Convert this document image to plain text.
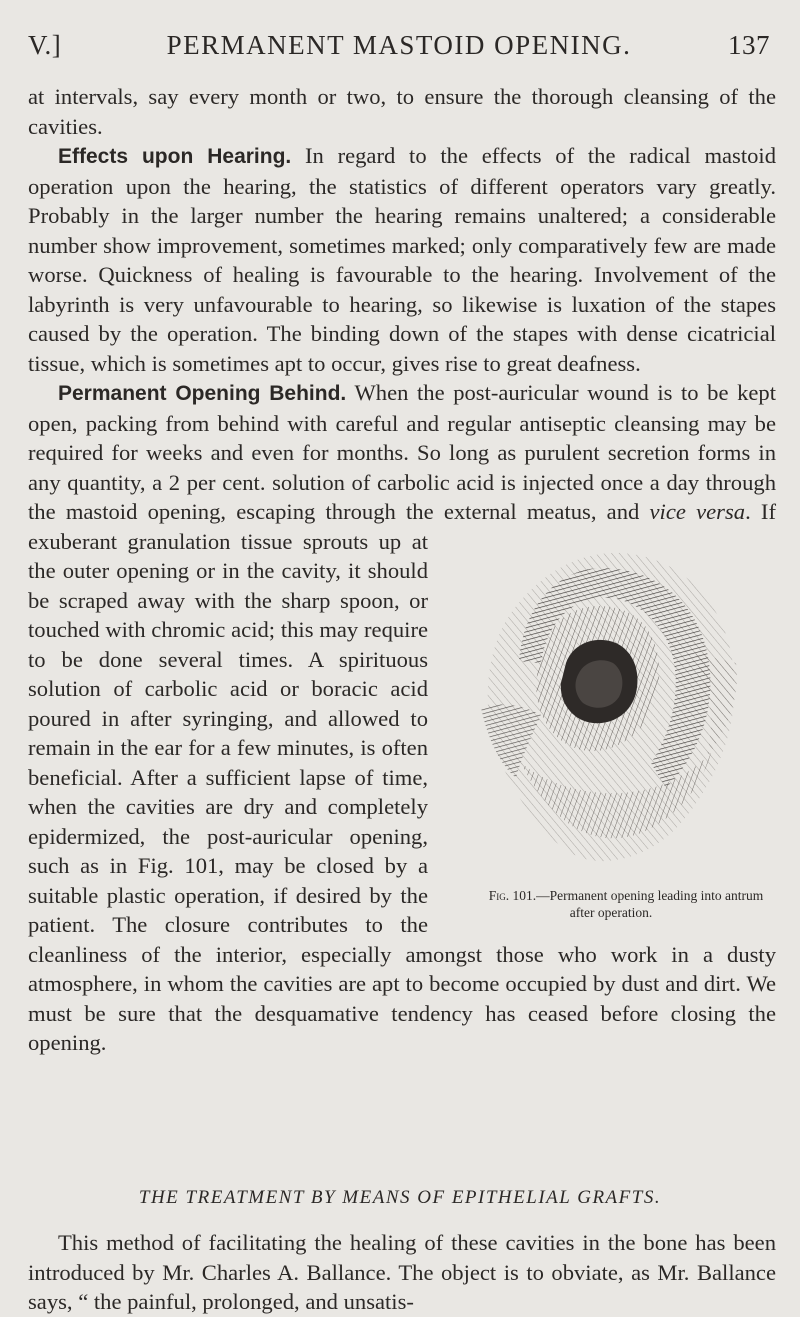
V.]	PERMANENT MASTOID OPENING.	137

at intervals, say every month or two, to ensure the thorough cleansing of the cavities.

Effects upon Hearing. In regard to the effects of the radical mastoid operation upon the hearing, the statistics of different operators vary greatly. Probably in the larger number the hearing remains unaltered; a considerable number show improvement, sometimes marked; only comparatively few are made worse. Quickness of healing is favourable to the hearing. Involvement of the labyrinth is very unfavourable to hearing, so likewise is luxation of the stapes caused by the operation. The binding down of the stapes with dense cicatricial tissue, which is sometimes apt to occur, gives rise to great deafness.

Permanent Opening Behind. When the post-auricular wound is to be kept open, packing from behind with careful and regular antiseptic cleansing may be required for weeks and even for months. So long as purulent secretion forms in any quantity, a 2 per cent. solution of carbolic acid is injected once a day through the mastoid opening, escaping through the external meatus, and vice versa
Fig. 101.—Permanent opening leading into antrum after operation.
. If exuberant granulation tissue sprouts up at the outer opening or in the cavity, it should be scraped away with the sharp spoon, or touched with chromic acid; this may require to be done several times. A spirituous solution of carbolic acid or boracic acid poured in after syringing, and allowed to remain in the ear for a few minutes, is often beneficial. After a sufficient lapse of time, when the cavities are dry and completely epidermized, the post-auricular opening, such as in Fig. 101, may be closed by a suitable plastic operation, if desired by the patient. The closure contributes to the cleanliness of the interior, especially amongst those who work in a dusty atmosphere, in whom the cavities are apt to become occupied by dust and dirt. We must be sure that the desquamative tendency has ceased before closing the opening.

THE TREATMENT BY MEANS OF EPITHELIAL GRAFTS.

This method of facilitating the healing of these cavities in the bone has been introduced by Mr. Charles A. Ballance. The object is to obviate, as Mr. Ballance says, “ the painful, prolonged, and unsatis-
